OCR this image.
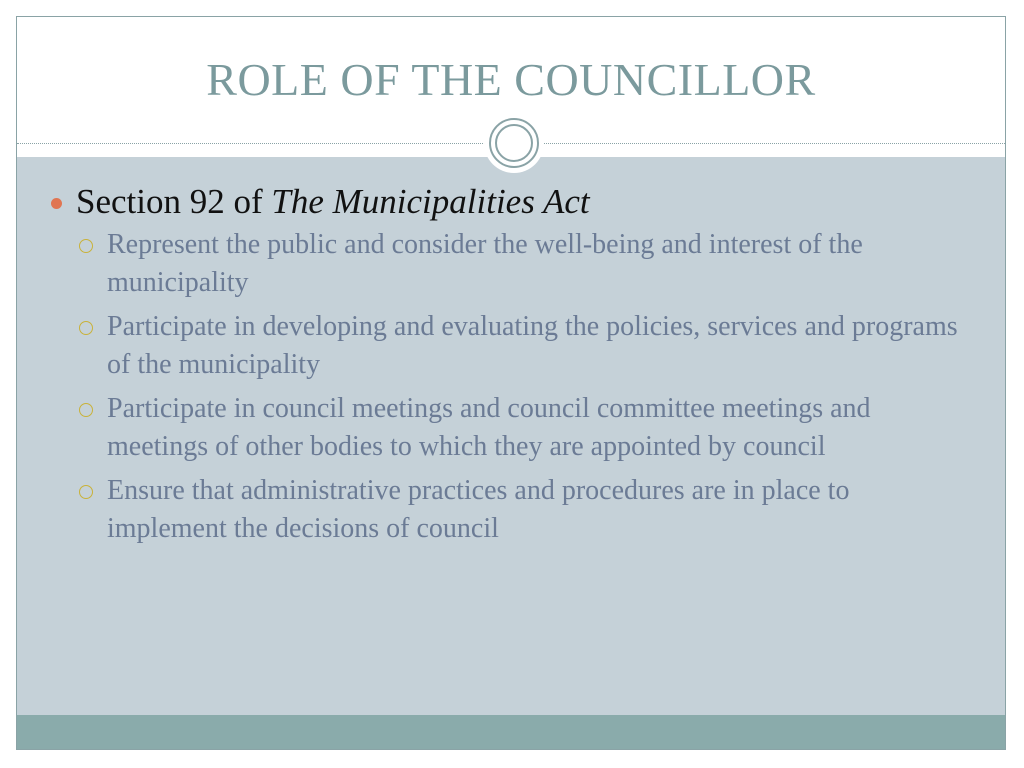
ROLE OF THE COUNCILLOR
Section 92 of The Municipalities Act
Represent the public and consider the well-being and interest of the municipality
Participate in developing and evaluating the policies, services and programs of the municipality
Participate in council meetings and council committee meetings and meetings of other bodies to which they are appointed by council
Ensure that administrative practices and procedures are in place to implement the decisions of council
